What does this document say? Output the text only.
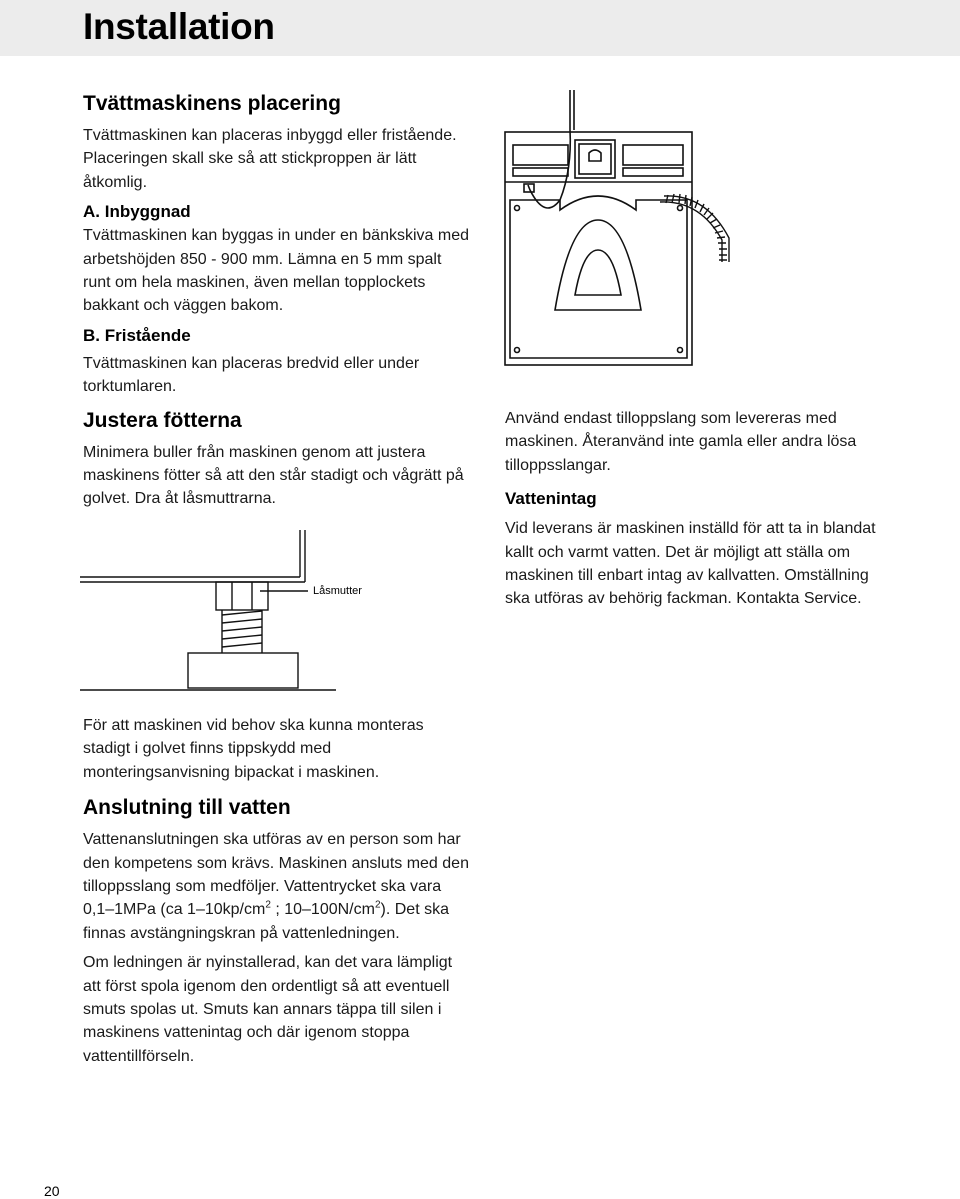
Installation
Tvättmaskinens placering

Tvättmaskinen kan placeras inbyggd eller fristående. Placeringen skall ske så att stickproppen är lätt åtkomlig.

A. Inbyggnad

Tvättmaskinen kan byggas in under en bänkskiva med arbetshöjden 850 - 900 mm. Lämna en 5 mm spalt runt om hela maskinen, även mellan topplockets bakkant och väggen bakom.

B. Fristående

Tvättmaskinen kan placeras bredvid eller under torktumlaren.

Justera fötterna

Minimera buller från maskinen genom att justera maskinens fötter så att den står stadigt och vågrätt på golvet. Dra åt låsmuttrarna.

Låsmutter

För att maskinen vid behov ska kunna monteras stadigt i golvet finns tippskydd med monteringsanvisning bipackat i maskinen.

Anslutning till vatten

Vattenanslutningen ska utföras av en person som har den kompetens som krävs. Maskinen ansluts med den tilloppsslang som medföljer. Vattentrycket ska vara 0,1–1MPa (ca $1-10kp/cm^2$ ; $10-100N/cm^2$). Det ska finnas avstängningskran på vattenledningen.

Om ledningen är nyinstallerad, kan det vara lämpligt att först spola igenom den ordentligt så att eventuell smuts spolas ut. Smuts kan annars täppa till silen i maskinens vattenintag och där igenom stoppa vattentillförseln.

Använd endast tilloppslang som levereras med maskinen. Återanvänd inte gamla eller andra lösa tilloppsslangar.

Vattenintag

Vid leverans är maskinen inställd för att ta in blandat kallt och varmt vatten. Det är möjligt att ställa om maskinen till enbart intag av kallvatten. Omställning ska utföras av behörig fackman. Kontakta Service.

20
